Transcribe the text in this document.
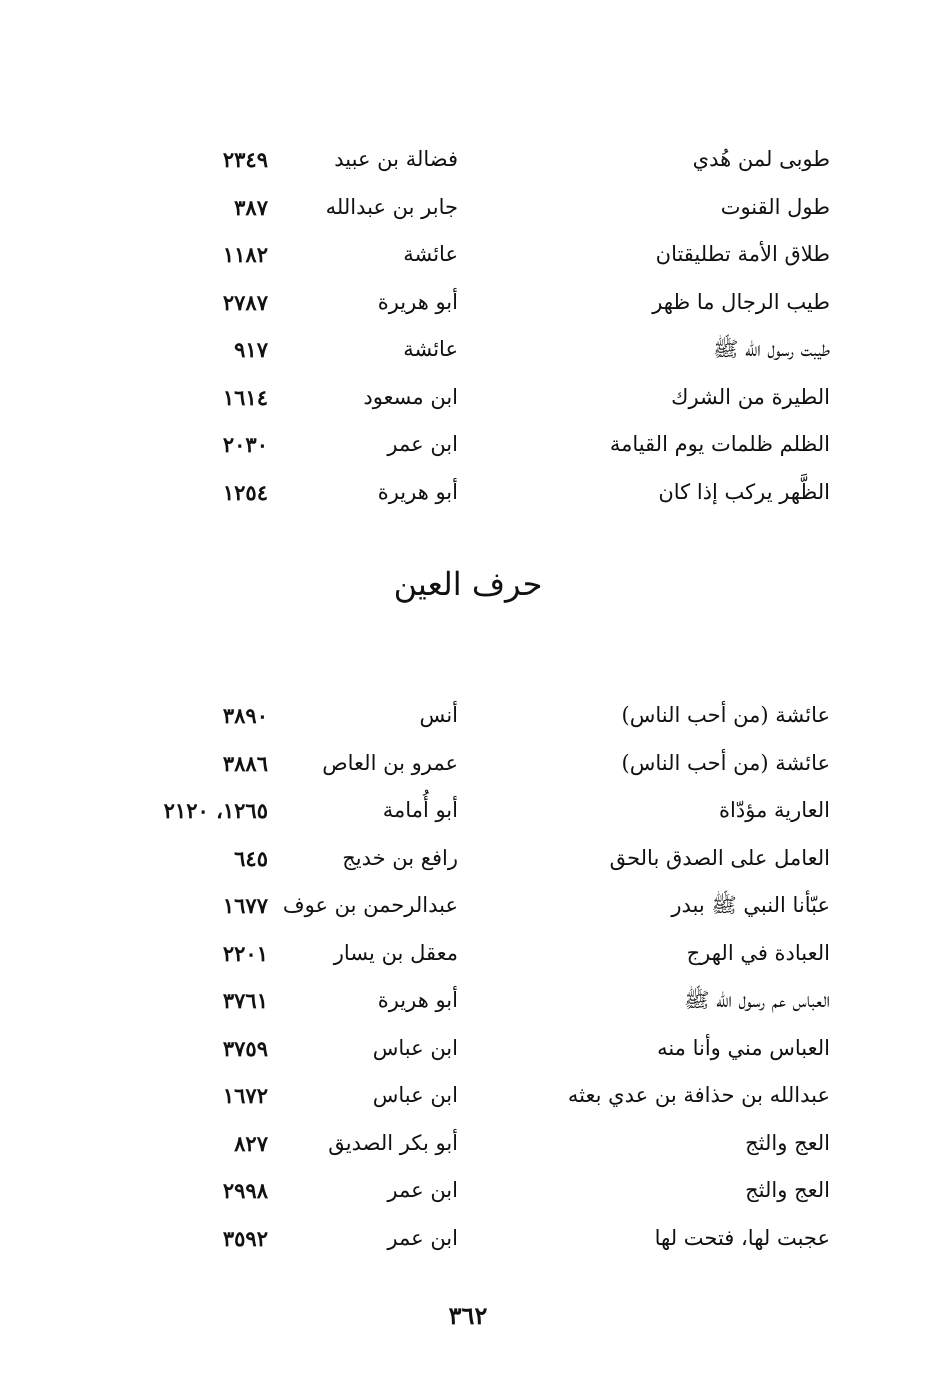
طوبى لمن هُدي
فضالة بن عبيد
٢٣٤٩
طول القنوت
جابر بن عبدالله
٣٨٧
طلاق الأمة تطليقتان
عائشة
١١٨٢
طيب الرجال ما ظهر
أبو هريرة
٢٧٨٧
طيبت رسول الله ﷺ
عائشة
٩١٧
الطيرة من الشرك
ابن مسعود
١٦١٤
الظلم ظلمات يوم القيامة
ابن عمر
٢٠٣٠
الظَّهر يركب إذا كان
أبو هريرة
١٢٥٤
حرف العين
عائشة (من أحب الناس)
أنس
٣٨٩٠
عائشة (من أحب الناس)
عمرو بن العاص
٣٨٨٦
العارية مؤدّاة
أبو أُمامة
١٢٦٥، ٢١٢٠
العامل على الصدق بالحق
رافع بن خديج
٦٤٥
عبّأنا النبي ﷺ ببدر
عبدالرحمن بن عوف
١٦٧٧
العبادة في الهرج
معقل بن يسار
٢٢٠١
العباس عم رسول الله ﷺ
أبو هريرة
٣٧٦١
العباس مني وأنا منه
ابن عباس
٣٧٥٩
عبدالله بن حذافة بن عدي بعثه
ابن عباس
١٦٧٢
العج والثج
أبو بكر الصديق
٨٢٧
العج والثج
ابن عمر
٢٩٩٨
عجبت لها، فتحت لها
ابن عمر
٣٥٩٢
٣٦٢
